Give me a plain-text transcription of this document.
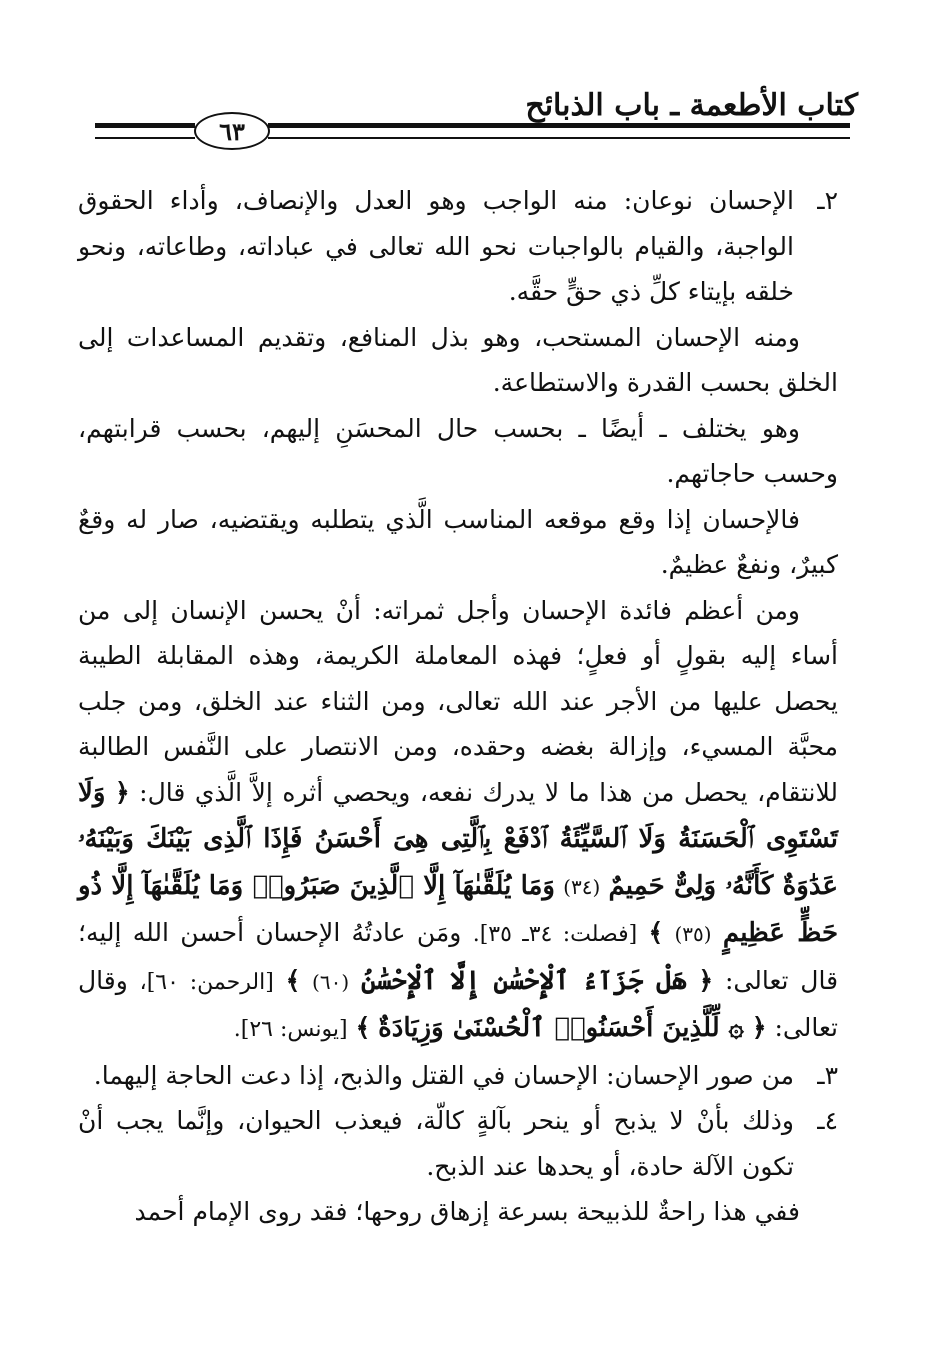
كتاب الأطعمة ـ باب الذبائح
٦٣

٢ـالإحسان نوعان: منه الواجب وهو العدل والإنصاف، وأداء الحقوق الواجبة، والقيام بالواجبات نحو الله تعالى في عباداته، وطاعاته، ونحو خلقه بإيتاء كلِّ ذي حقٍّ حقَّه.

ومنه الإحسان المستحب، وهو بذل المنافع، وتقديم المساعدات إلى الخلق بحسب القدرة والاستطاعة.

وهو يختلف ـ أيضًا ـ بحسب حال المحسَنِ إليهم، بحسب قرابتهم، وحسب حاجاتهم.

فالإحسان إذا وقع موقعه المناسب الَّذي يتطلبه ويقتضيه، صار له وقعٌ كبيرٌ، ونفعٌ عظيمٌ.

ومن أعظم فائدة الإحسان وأجل ثمراته: أنْ يحسن الإنسان إلى من أساء إليه بقولٍ أو فعلٍ؛ فهذه المعاملة الكريمة، وهذه المقابلة الطيبة يحصل عليها من الأجر عند الله تعالى، ومن الثناء عند الخلق، ومن جلب محبَّة المسيء، وإزالة بغضه وحقده، ومن الانتصار على النَّفس الطالبة للانتقام، يحصل من هذا ما لا يدرك نفعه، ويحصي أثره إلاَّ الَّذي قال: ﴿ وَلَا تَسْتَوِى ٱلْحَسَنَةُ وَلَا ٱلسَّيِّئَةُ ٱدْفَعْ بِٱلَّتِى هِىَ أَحْسَنُ فَإِذَا ٱلَّذِى بَيْنَكَ وَبَيْنَهُۥ عَدَٰوَةٌ كَأَنَّهُۥ وَلِىٌّ حَمِيمٌ (٣٤) وَمَا يُلَقَّىٰهَآ إِلَّا ٱلَّذِينَ صَبَرُوا۟ وَمَا يُلَقَّىٰهَآ إِلَّا ذُو حَظٍّ عَظِيمٍ (٣٥) ﴾ [فصلت: ٣٤ـ ٣٥]. ومَن عادتُهُ الإحسان أحسن الله إليه؛ قال تعالى: ﴿ هَلْ جَزَآءُ ٱلْإِحْسَٰنِ إِلَّا ٱلْإِحْسَٰنُ (٦٠) ﴾ [الرحمن: ٦٠]، وقال تعالى: ﴿ ۞ لِّلَّذِينَ أَحْسَنُوا۟ ٱلْحُسْنَىٰ وَزِيَادَةٌ ﴾ [يونس: ٢٦].

٣ـمن صور الإحسان: الإحسان في القتل والذبح، إذا دعت الحاجة إليهما.

٤ـوذلك بأنْ لا يذبح أو ينحر بآلةٍ كالّة، فيعذب الحيوان، وإنَّما يجب أنْ تكون الآلة حادة، أو يحدها عند الذبح.

ففي هذا راحةٌ للذبيحة بسرعة إزهاق روحها؛ فقد روى الإمام أحمد
